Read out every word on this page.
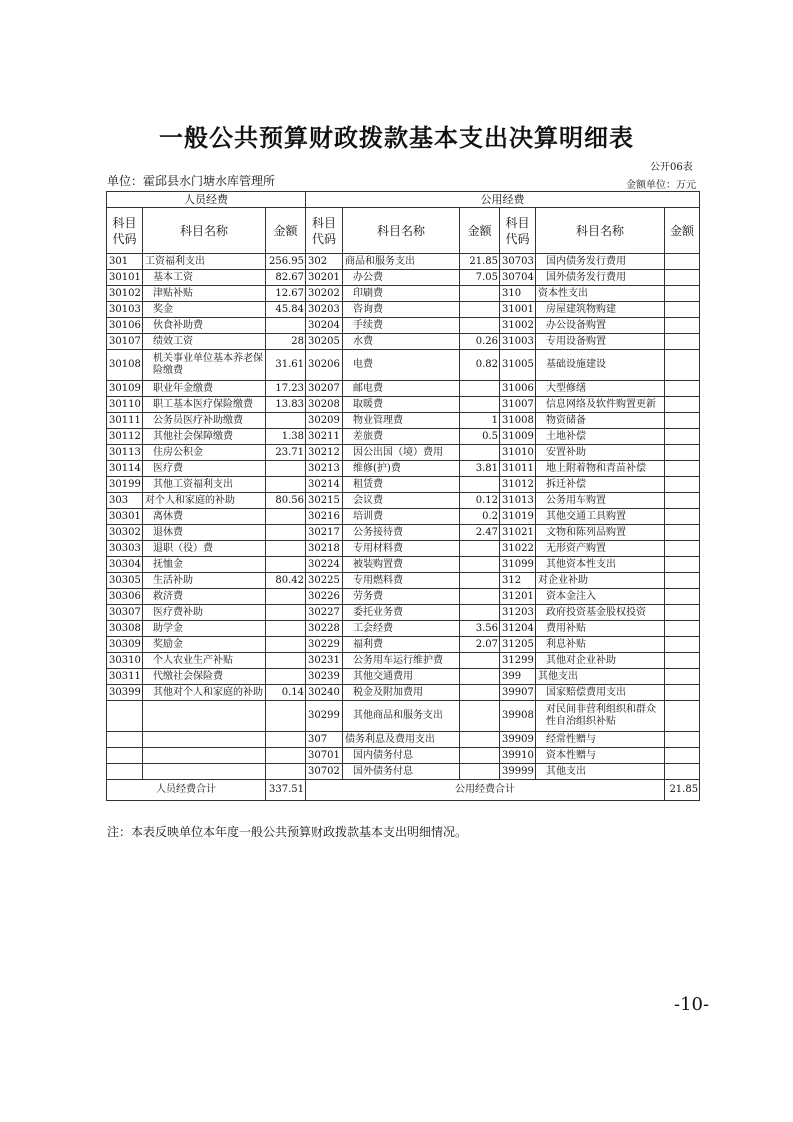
一般公共预算财政拨款基本支出决算明细表
公开06表
单位：霍邱县水门塘水库管理所	金额单位：万元
人员经费			公用经费					
科目代码	科目名称	金额	科目代码	科目名称	金额	科目代码	科目名称	金额
301	工资福利支出	256.95	302	商品和服务支出	21.85	30703	国内债务发行费用	
30101	基本工资	82.67	30201	办公费	7.05	30704	国外债务发行费用	
30102	津贴补贴	12.67	30202	印刷费		310	资本性支出	
30103	奖金	45.84	30203	咨询费		31001	房屋建筑物购建	
30106	伙食补助费		30204	手续费		31002	办公设备购置	
30107	绩效工资	28	30205	水费	0.26	31003	专用设备购置	
30108	机关事业单位基本养老保险缴费	31.61	30206	电费	0.82	31005	基础设施建设	
30109	职业年金缴费	17.23	30207	邮电费		31006	大型修缮	
30110	职工基本医疗保险缴费	13.83	30208	取暖费		31007	信息网络及软件购置更新	
30111	公务员医疗补助缴费		30209	物业管理费	1	31008	物资储备	
30112	其他社会保障缴费	1.38	30211	差旅费	0.5	31009	土地补偿	
30113	住房公积金	23.71	30212	因公出国（境）费用		31010	安置补助	
30114	医疗费		30213	维修(护)费	3.81	31011	地上附着物和青苗补偿	
30199	其他工资福利支出		30214	租赁费		31012	拆迁补偿	
303	对个人和家庭的补助	80.56	30215	会议费	0.12	31013	公务用车购置	
30301	离休费		30216	培训费	0.2	31019	其他交通工具购置	
30302	退休费		30217	公务接待费	2.47	31021	文物和陈列品购置	
30303	退职（役）费		30218	专用材料费		31022	无形资产购置	
30304	抚恤金		30224	被装购置费		31099	其他资本性支出	
30305	生活补助	80.42	30225	专用燃料费		312	对企业补助	
30306	救济费		30226	劳务费		31201	资本金注入	
30307	医疗费补助		30227	委托业务费		31203	政府投资基金股权投资	
30308	助学金		30228	工会经费	3.56	31204	费用补贴	
30309	奖励金		30229	福利费	2.07	31205	利息补贴	
30310	个人农业生产补贴		30231	公务用车运行维护费		31299	其他对企业补助	
30311	代缴社会保险费		30239	其他交通费用		399	其他支出	
30399	其他对个人和家庭的补助	0.14	30240	税金及附加费用		39907	国家赔偿费用支出	
			30299	其他商品和服务支出		39908	对民间非营利组织和群众性自治组织补贴	
			307	债务利息及费用支出		39909	经常性赠与	
			30701	国内债务付息		39910	资本性赠与	
			30702	国外债务付息		39999	其他支出	
人员经费合计		337.51	公用经费合计					21.85
注：本表反映单位本年度一般公共预算财政拨款基本支出明细情况。
-10-
